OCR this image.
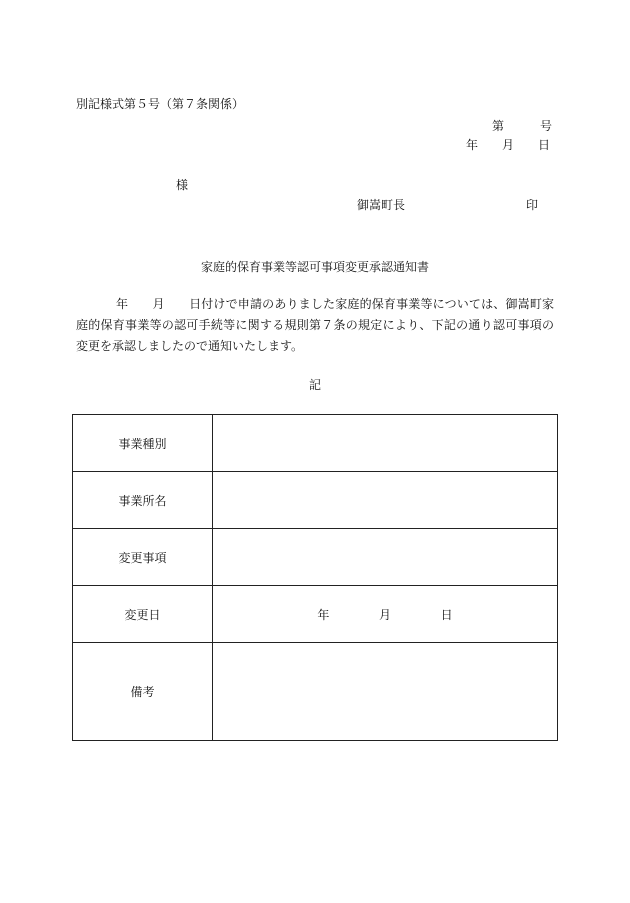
別記様式第５号（第７条関係）
第　　　号
年　　月　　日
様
御嵩町長	印
家庭的保育事業等認可事項変更承認通知書
年　　月　　日付けで申請のありました家庭的保育事業等については、御嵩町家庭的保育事業等の認可手続等に関する規則第７条の規定により、下記の通り認可事項の変更を承認しましたので通知いたします。
記
事業種別	
事業所名	
変更事項	
変更日	年 月 日
備考	
